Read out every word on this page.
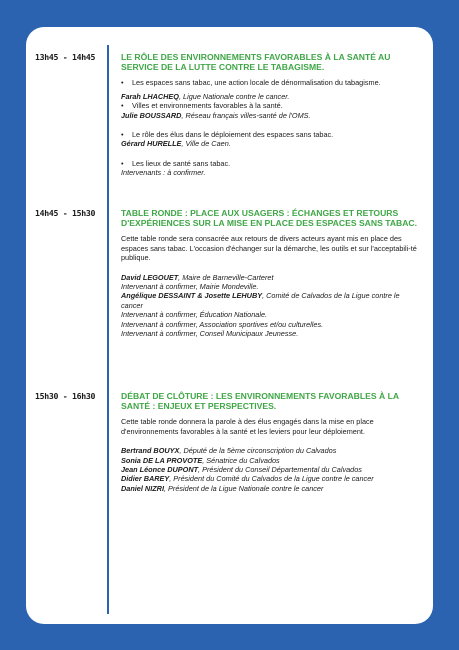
13h45 - 14h45	LE RÔLE DES ENVIRONNEMENTS FAVORABLES À LA SANTÉ AU SERVICE DE LA LUTTE CONTRE LE TABAGISME.
•	Les espaces sans tabac, une action locale de dénormalisation du tabagisme.
Farah LHACHEQ, Ligue Nationale contre le cancer.
•	Villes et environnements favorables à la santé.
Julie BOUSSARD, Réseau français villes-santé de l'OMS.
•	Le rôle des élus dans le déploiement des espaces sans tabac.
Gérard HURELLE, Ville de Caen.
•	Les lieux de santé sans tabac.
Intervenants : à confirmer.
14h45 - 15h30	TABLE RONDE : PLACE AUX USAGERS : ÉCHANGES ET RETOURS D'EXPÉRIENCES SUR LA MISE EN PLACE DES ESPACES SANS TABAC.
Cette table ronde sera consacrée aux retours de divers acteurs ayant mis en place des espaces sans tabac. L'occasion d'échanger sur la démarche, les outils et sur l'acceptabili-té publique.
David LEGOUET, Maire de Barneville-Carteret
Intervenant à confirmer, Mairie Mondeville.
Angélique DESSAINT & Josette LEHUBY, Comité de Calvados de la Ligue contre le cancer
Intervenant à confirmer, Éducation Nationale.
Intervenant à confirmer, Association sportives et/ou culturelles.
Intervenant à confirmer, Conseil Municipaux Jeunesse.
15h30 - 16h30	DÉBAT DE CLÔTURE : LES ENVIRONNEMENTS FAVORABLES À LA SANTÉ : ENJEUX ET PERSPECTIVES.
Cette table ronde donnera la parole à des élus engagés dans la mise en place d'environnements favorables à la santé et les leviers pour leur déploiement.
Bertrand BOUYX, Député de la 5ème circonscription du Calvados
Sonia DE LA PROVOTE, Sénatrice du Calvados
Jean Léonce DUPONT, Président du Conseil Départemental du Calvados
Didier BAREY, Président du Comité du Calvados de la Ligue contre le cancer
Daniel NIZRI, Président de la Ligue Nationale contre le cancer
